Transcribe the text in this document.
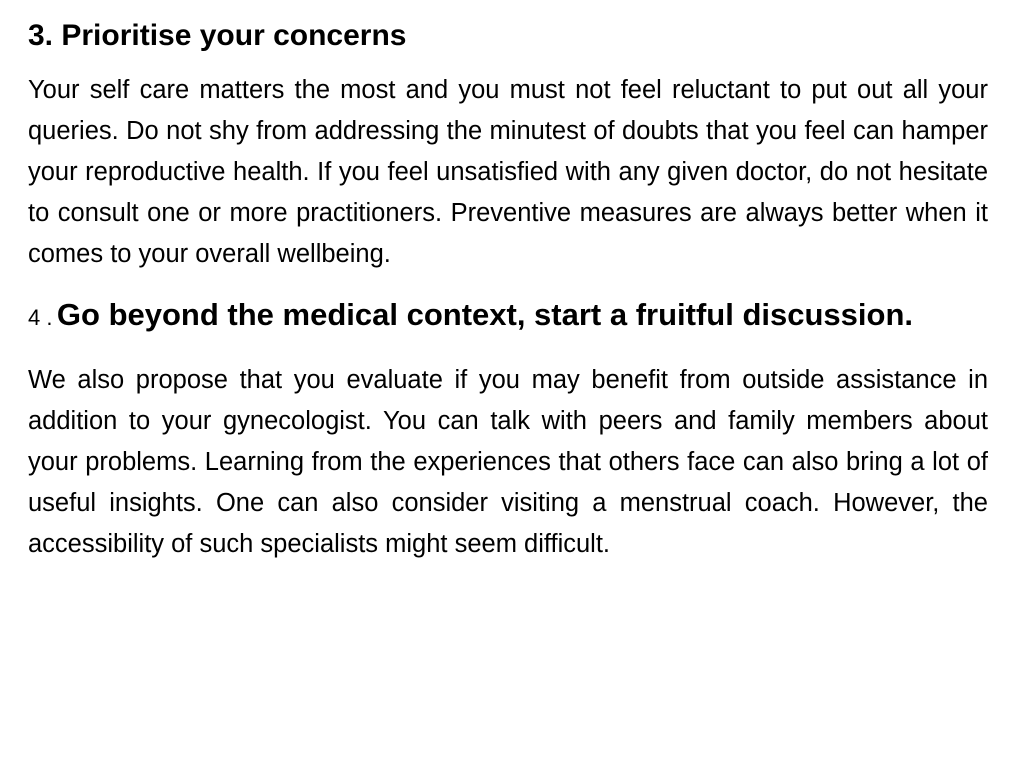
3. Prioritise your concerns

Your self care matters the most and you must not feel reluctant to put out all your queries. Do not shy from addressing the minutest of doubts that you feel can hamper your reproductive health. If you feel unsatisfied with any given doctor, do not hesitate to consult one or more practitioners. Preventive measures are always better when it comes to your overall wellbeing.

4 . Go beyond the medical context, start a fruitful discussion.

We also propose that you evaluate if you may benefit from outside assistance in addition to your gynecologist. You can talk with peers and family members about your problems. Learning from the experiences that others face can also bring a lot of useful insights. One can also consider visiting a menstrual coach. However, the accessibility of such specialists might seem difficult.
